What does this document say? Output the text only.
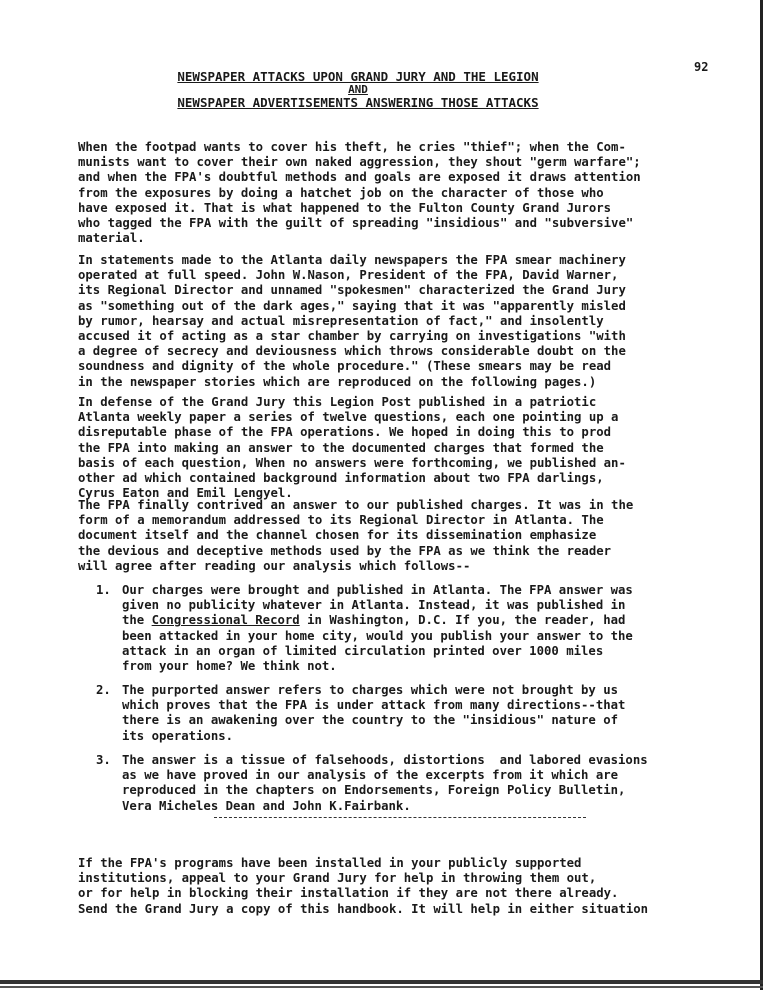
92
NEWSPAPER ATTACKS UPON GRAND JURY AND THE LEGION
AND
NEWSPAPER ADVERTISEMENTS ANSWERING THOSE ATTACKS
When the footpad wants to cover his theft, he cries "thief"; when the Com-
munists want to cover their own naked aggression, they shout "germ warfare";
and when the FPA's doubtful methods and goals are exposed it draws attention
from the exposures by doing a hatchet job on the character of those who
have exposed it. That is what happened to the Fulton County Grand Jurors
who tagged the FPA with the guilt of spreading "insidious" and "subversive"
material.
In statements made to the Atlanta daily newspapers the FPA smear machinery
operated at full speed. John W.Nason, President of the FPA, David Warner,
its Regional Director and unnamed "spokesmen" characterized the Grand Jury
as "something out of the dark ages," saying that it was "apparently misled
by rumor, hearsay and actual misrepresentation of fact," and insolently
accused it of acting as a star chamber by carrying on investigations "with
a degree of secrecy and deviousness which throws considerable doubt on the
soundness and dignity of the whole procedure." (These smears may be read
in the newspaper stories which are reproduced on the following pages.)
In defense of the Grand Jury this Legion Post published in a patriotic
Atlanta weekly paper a series of twelve questions, each one pointing up a
disreputable phase of the FPA operations. We hoped in doing this to prod
the FPA into making an answer to the documented charges that formed the
basis of each question, When no answers were forthcoming, we published an-
other ad which contained background information about two FPA darlings,
Cyrus Eaton and Emil Lengyel.
The FPA finally contrived an answer to our published charges. It was in the
form of a memorandum addressed to its Regional Director in Atlanta. The
document itself and the channel chosen for its dissemination emphasize
the devious and deceptive methods used by the FPA as we think the reader
will agree after reading our analysis which follows--
1. Our charges were brought and published in Atlanta. The FPA answer was
given no publicity whatever in Atlanta. Instead, it was published in
the Congressional Record in Washington, D.C. If you, the reader, had
been attacked in your home city, would you publish your answer to the
attack in an organ of limited circulation printed over 1000 miles
from your home? We think not.
2. The purported answer refers to charges which were not brought by us
which proves that the FPA is under attack from many directions--that
there is an awakening over the country to the "insidious" nature of
its operations.
3. The answer is a tissue of falsehoods, distortions  and labored evasions
as we have proved in our analysis of the excerpts from it which are
reproduced in the chapters on Endorsements, Foreign Policy Bulletin,
Vera Micheles Dean and John K.Fairbank.
If the FPA's programs have been installed in your publicly supported
institutions, appeal to your Grand Jury for help in throwing them out,
or for help in blocking their installation if they are not there already.
Send the Grand Jury a copy of this handbook. It will help in either situation
